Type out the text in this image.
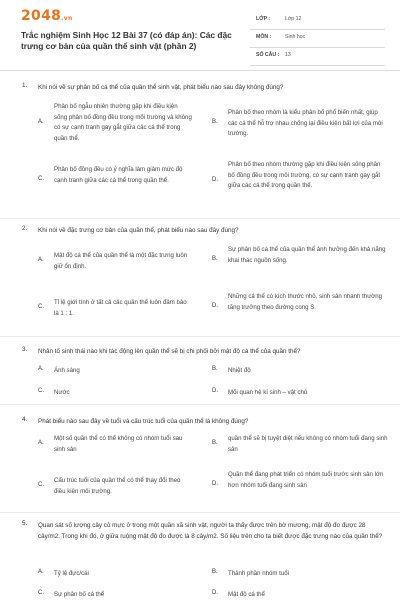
2048.vn
Trắc nghiệm Sinh Học 12 Bài 37 (có đáp án): Các đặc trưng cơ bản của quần thể sinh vật (phần 2)
LỚP :	Lớp 12
MÔN :	Sinh học
SỐ CÂU : 13
1. Khi nói về sự phân bố cá thể của quần thể sinh vật, phát biểu nào sau đây không đúng?
A.
Phân bố ngẫu nhiên thường gặp khi điều kiện sống phân bố đồng đều trong môi trường và không có sự cạnh tranh gay gắt giữa các cá thể trong quần thể.
B.
Phân bố theo nhóm là kiểu phân bố phổ biến nhất, giúp các cá thể hỗ trợ nhau chống lại điều kiện bất lợi của môi trường.
C.
Phân bố đồng đều có ý nghĩa làm giảm mức độ cạnh tranh giữa các cá thể trong quần thể.	D.
Phân bố theo nhóm thường gặp khi điều kiện sống phân bố đồng đều trong môi trường, có sự cạnh tranh gay gắt giữa các cá thể trong quần thể.
2. Khi nói về đặc trưng cơ bản của quần thể, phát biểu nào sau đây đúng?
A.
Mật độ cá thể của quần thể là một đặc trưng luôn giữ ổn định.
B.
Sự phân bố cá thể của quần thể ảnh hưởng đến khả năng khai thác nguồn sống.
C.
Tỉ lệ giới tính ở tất cả các quần thể luôn đảm bảo là 1 : 1.
D.
Những cá thể có kích thước nhỏ, sinh sản nhanh thường tăng trưởng theo đường cong S.
3. Nhân tố sinh thái nào khi tác động lên quần thể sẽ bị chi phối bởi mật độ cá thể của quần thể?
A. Ánh sáng	B. Nhiệt độ
C. Nước	D. Mối quan hệ kí sinh – vật chủ
4. Phát biểu nào sau đây về tuổi và cấu trúc tuổi của quần thể là không đúng?
A.
Một số quần thể có thể không có nhóm tuổi sau sinh sản
B.
quần thể sẽ bị tuyệt diệt nếu không có nhóm tuổi đang sinh sản
C.
Cấu trúc tuổi của quần thể có thể thay đổi theo điều kiện môi trường.
D.
Quần thể đang phát triển có nhóm tuổi trước sinh sản lớn hơn nhóm tuổi đang sinh sản
5. Quan sát số lượng cây cỏ mực ở trong một quần xã sinh vật, người ta thấy được trên bờ mương, mật độ đo được 28 cây/m2. Trong khi đó, ở giữa ruộng mật độ đo được là 8 cây/m2. Số liệu trên cho ta biết được đặc trưng nào của quần thể?
A. Tỷ lệ đực/cái	B. Thành phần nhóm tuổi
C. Sự phân bố cá thể	D. Mật độ cá thể
